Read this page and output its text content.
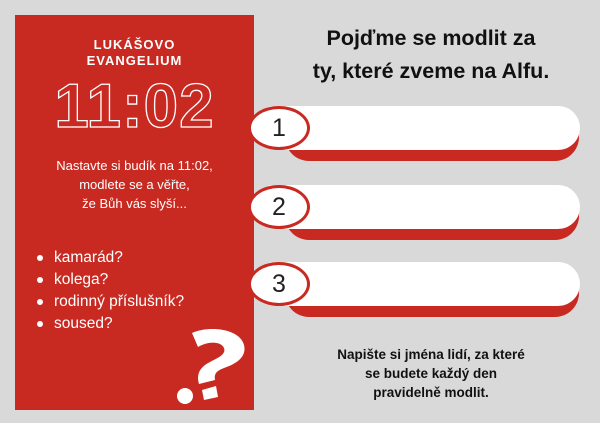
LUKÁŠOVO
EVANGELIUM
11:02
Nastavte si budík na 11:02,
modlete se a věřte,
že Bůh vás slyší...
kamarád?
kolega?
rodinný příslušník?
soused?
Pojďme se modlit za
ty, které zveme na Alfu.
1
2
3
Napište si jména lidí, za které
se budete každý den
pravidelně modlit.
